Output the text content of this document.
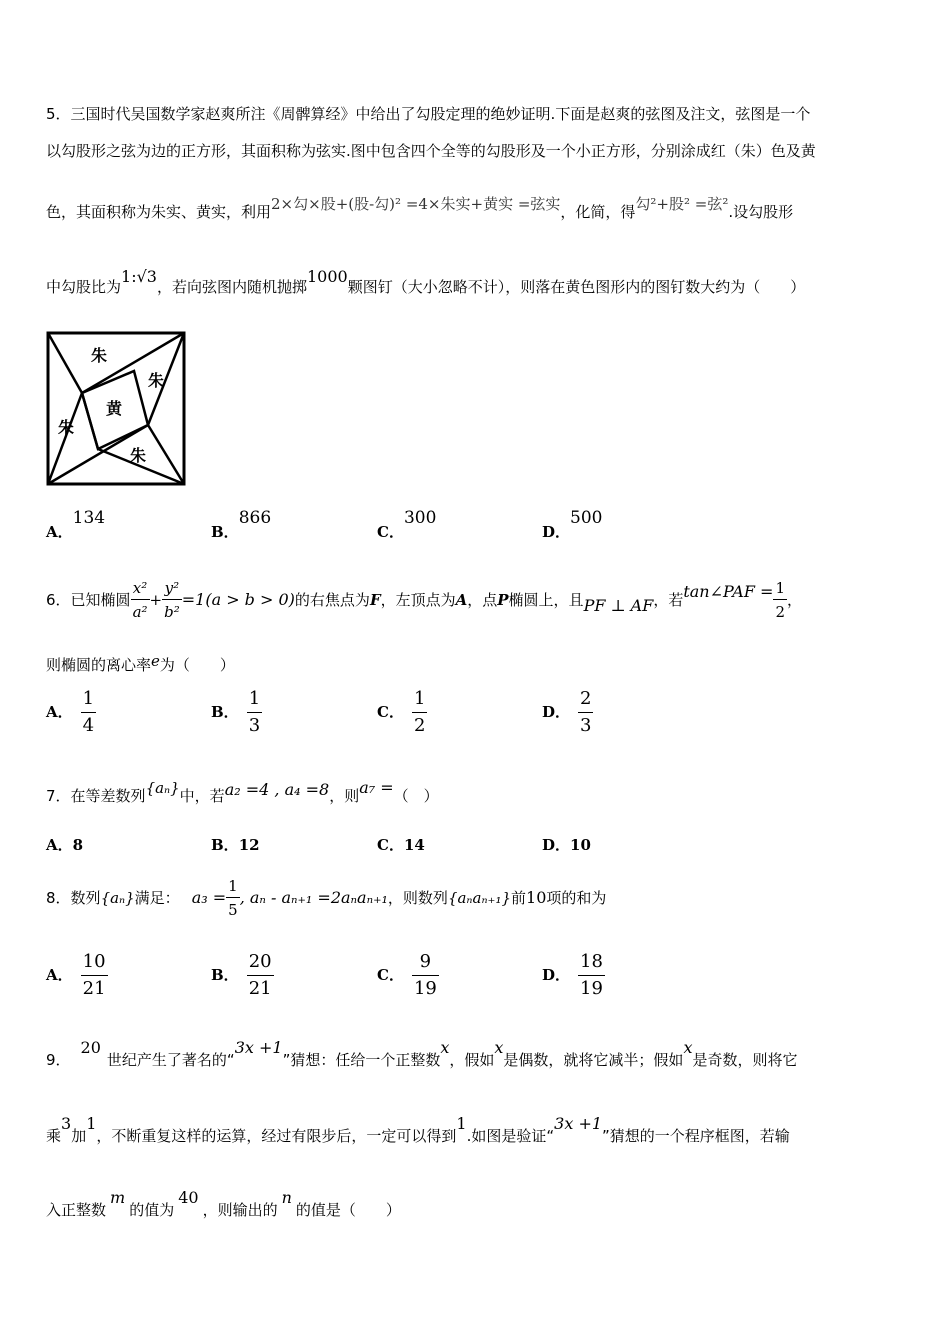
5．三国时代吴国数学家赵爽所注《周髀算经》中给出了勾股定理的绝妙证明.下面是赵爽的弦图及注文，弦图是一个
以勾股形之弦为边的正方形，其面积称为弦实.图中包含四个全等的勾股形及一个小正方形，分别涂成红（朱）色及黄
色，其面积称为朱实、黄实，利用2×勾×股+(股-勾)² =4×朱实+黄实 =弦实，化简，得勾²+股² =弦².设勾股形
中勾股比为1:√3，若向弦图内随机抛掷1000颗图钉（大小忽略不计），则落在黄色图形内的图钉数大约为（　　）
朱
朱
黄
朱
朱
A．134
B．866
C．300
D．500
6．已知椭圆 $\frac{\text{x²}}{\text{a²}} + \frac{\text{y²}}{\text{b²}} =1(a > b > 0)$的右焦点为F，左顶点为A，点P椭圆上，且PF ⊥ AF，若tan∠PAF = $\frac{1}{2}$ ，
则椭圆的离心率e为（　　）
A． $\frac{1}{4}$	B． $\frac{1}{3}$	C． $\frac{1}{2}$	D． $\frac{2}{3}$
7．在等差数列{aₙ}中，若a₂ =4 , a₄ =8，则a₇ =（　）
A．8	B．12	C．14	D．10
8．数列{aₙ}满足： $a_3 = \frac{1}{5}$ , aₙ - aₙ₊₁ =2aₙaₙ₊₁，则数列{aₙaₙ₊₁}前10项的和为
A． $\frac{10}{21}$	B． $\frac{20}{21}$	C． $\frac{9}{19}$	D． $\frac{18}{19}$
9．20世纪产生了著名的“3x +1”猜想：任给一个正整数x，假如x是偶数，就将它减半；假如x是奇数，则将它
乘3加1，不断重复这样的运算，经过有限步后，一定可以得到1.如图是验证“3x +1”猜想的一个程序框图，若输
入正整数m的值为40，则输出的n的值是（　　）
